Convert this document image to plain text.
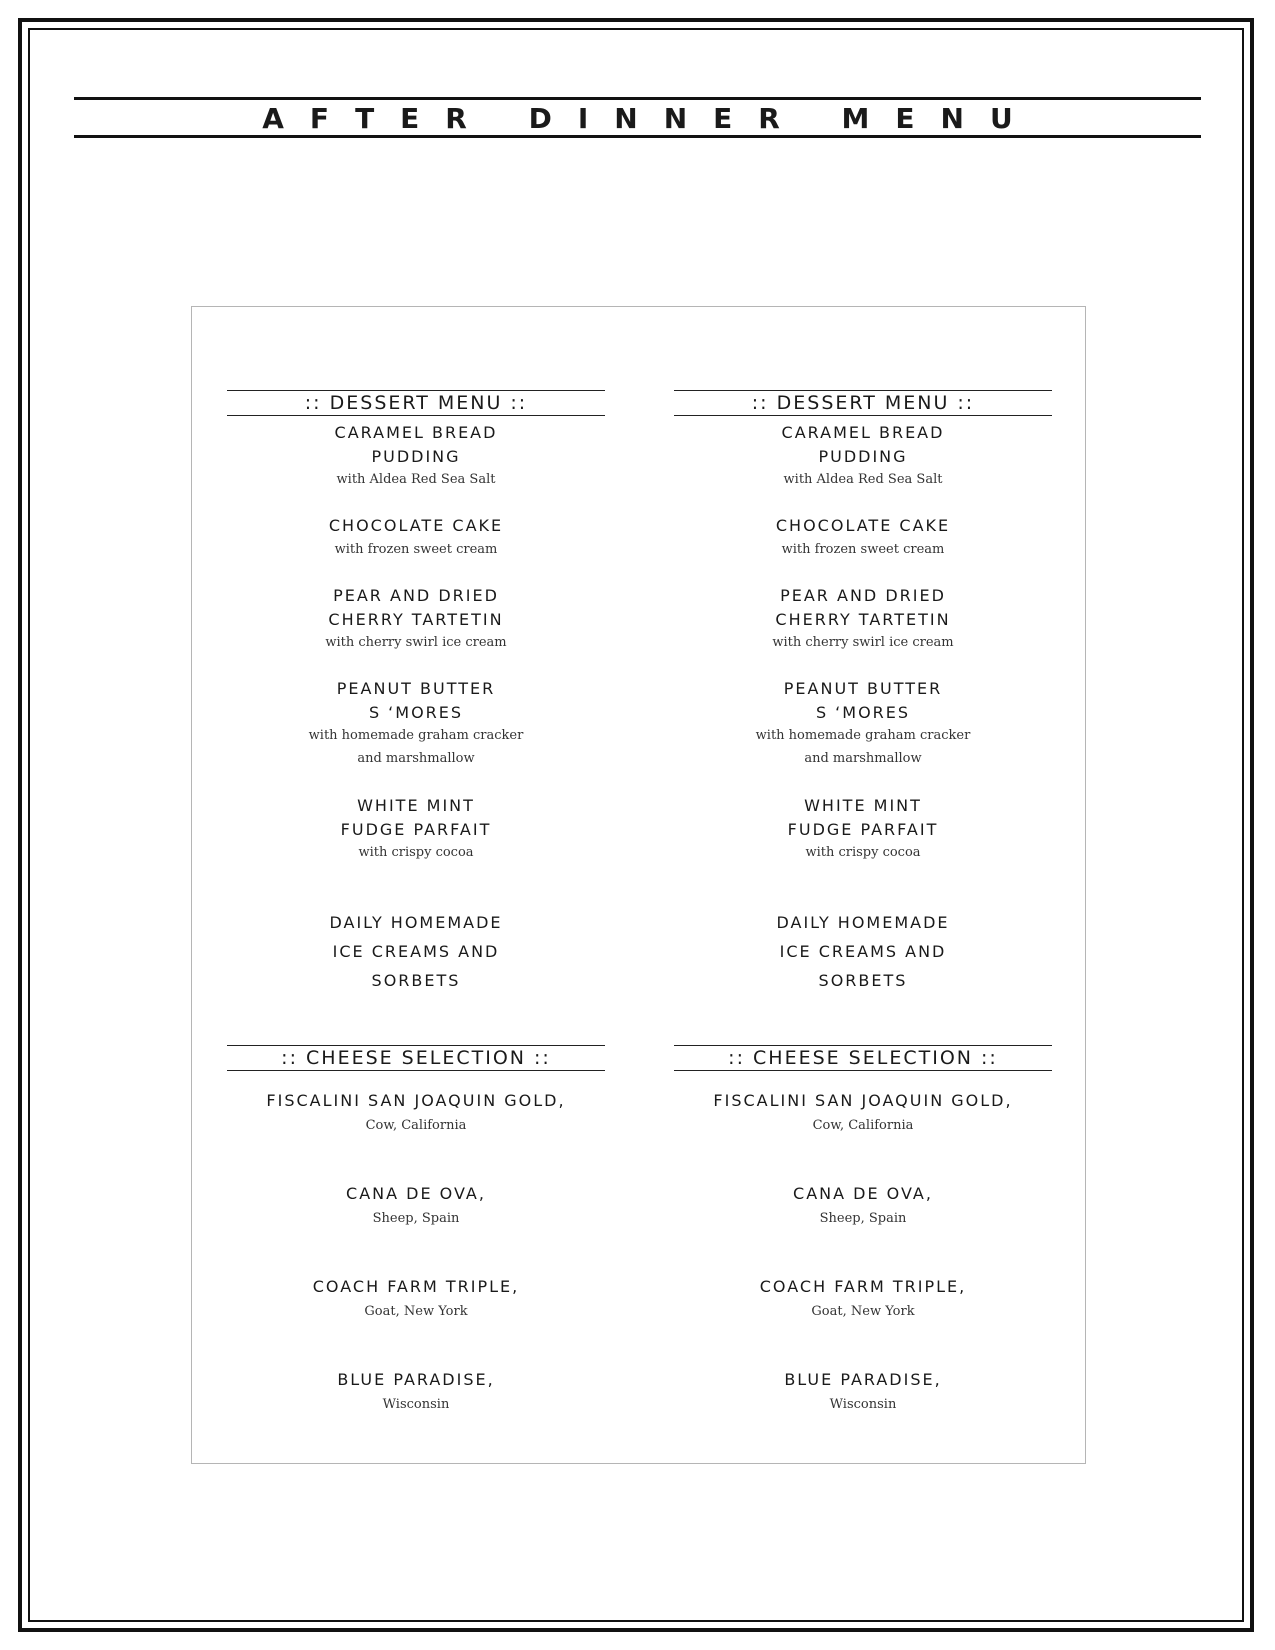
AFTER DINNER MENU
:: DESSERT MENU ::
CARAMEL BREAD
PUDDING
with Aldea Red Sea Salt
CHOCOLATE CAKE
with frozen sweet cream
PEAR AND DRIED
CHERRY TARTETIN
with cherry swirl ice cream
PEANUT BUTTER
S ‘MORES
with homemade graham cracker
and marshmallow
WHITE MINT
FUDGE PARFAIT
with crispy cocoa
DAILY HOMEMADE
ICE CREAMS AND
SORBETS
:: CHEESE SELECTION ::
FISCALINI SAN JOAQUIN GOLD,
Cow, California
CANA DE OVA,
Sheep, Spain
COACH FARM TRIPLE,
Goat, New York
BLUE PARADISE,
Wisconsin
:: DESSERT MENU ::
CARAMEL BREAD
PUDDING
with Aldea Red Sea Salt
CHOCOLATE CAKE
with frozen sweet cream
PEAR AND DRIED
CHERRY TARTETIN
with cherry swirl ice cream
PEANUT BUTTER
S ‘MORES
with homemade graham cracker
and marshmallow
WHITE MINT
FUDGE PARFAIT
with crispy cocoa
DAILY HOMEMADE
ICE CREAMS AND
SORBETS
:: CHEESE SELECTION ::
FISCALINI SAN JOAQUIN GOLD,
Cow, California
CANA DE OVA,
Sheep, Spain
COACH FARM TRIPLE,
Goat, New York
BLUE PARADISE,
Wisconsin
